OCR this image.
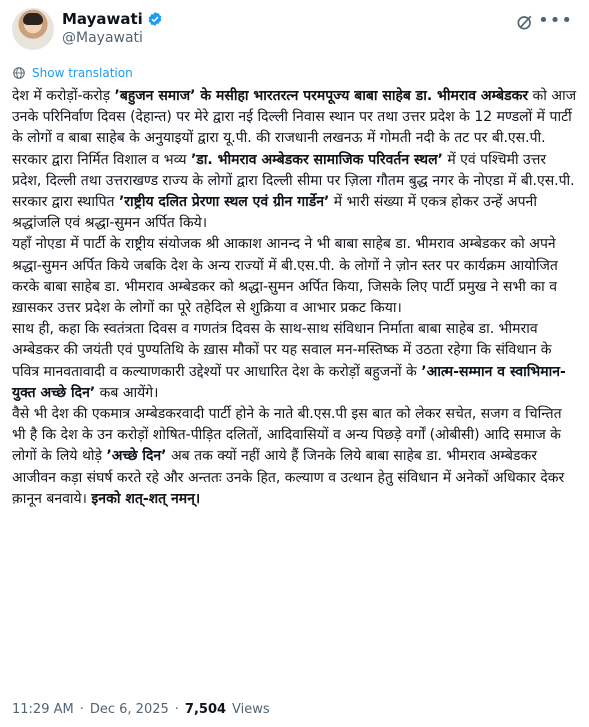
Mayawati
@Mayawati
•••
Show translation
देश में करोड़ों-करोड़ ’बहुजन समाज’ के मसीहा भारतरत्न परमपूज्य बाबा साहेब डा. भीमराव अम्बेडकर को आज उनके परिनिर्वाण दिवस (देहान्त) पर मेरे द्वारा नई दिल्ली निवास स्थान पर तथा उत्तर प्रदेश के 12 मण्डलों में पार्टी के लोगों व बाबा साहेब के अनुयाइयों द्वारा यू.पी. की राजधानी लखनऊ में गोमती नदी के तट पर बी.एस.पी. सरकार द्वारा निर्मित विशाल व भव्य ’डा. भीमराव अम्बेडकर सामाजिक परिवर्तन स्थल’ में एवं पश्चिमी उत्तर प्रदेश, दिल्ली तथा उत्तराखण्ड राज्य के लोगों द्वारा दिल्ली सीमा पर ज़िला गौतम बुद्ध नगर के नोएडा में बी.एस.पी. सरकार द्वारा स्थापित ’राष्ट्रीय दलित प्रेरणा स्थल एवं ग्रीन गार्डेन’ में भारी संख्या में एकत्र होकर उन्हें अपनी श्रद्धांजलि एवं श्रद्धा-सुमन अर्पित किये।
यहाँ नोएडा में पार्टी के राष्ट्रीय संयोजक श्री आकाश आनन्द ने भी बाबा साहेब डा. भीमराव अम्बेडकर को अपने श्रद्धा-सुमन अर्पित किये जबकि देश के अन्य राज्यों में बी.एस.पी. के लोगों ने ज़ोन स्तर पर कार्यक्रम आयोजित करके बाबा साहेब डा. भीमराव अम्बेडकर को श्रद्धा-सुमन अर्पित किया, जिसके लिए पार्टी प्रमुख ने सभी का व ख़ासकर उत्तर प्रदेश के लोगों का पूरे तहेदिल से शुक्रिया व आभार प्रकट किया।
साथ ही, कहा कि स्वतंत्रता दिवस व गणतंत्र दिवस के साथ-साथ संविधान निर्माता बाबा साहेब डा. भीमराव अम्बेडकर की जयंती एवं पुण्यतिथि के ख़ास मौकों पर यह सवाल मन-मस्तिष्क में उठता रहेगा कि संविधान के पवित्र मानवतावादी व कल्याणकारी उद्देश्यों पर आधारित देश के करोड़ों बहुजनों के ’आत्म-सम्मान व स्वाभिमान-युक्त अच्छे दिन’ कब आयेंगे।
वैसे भी देश की एकमात्र अम्बेडकरवादी पार्टी होने के नाते बी.एस.पी इस बात को लेकर सचेत, सजग व चिन्तित भी है कि देश के उन करोड़ों शोषित-पीड़ित दलितों, आदिवासियों व अन्य पिछड़े वर्गों (ओबीसी) आदि समाज के लोगों के लिये थोड़े ’अच्छे दिन’ अब तक क्यों नहीं आये हैं जिनके लिये बाबा साहेब डा. भीमराव अम्बेडकर आजीवन कड़ा संघर्ष करते रहे और अन्ततः उनके हित, कल्याण व उत्थान हेतु संविधान में अनेकों अधिकार देकर क़ानून बनवाये। इनको शत्-शत् नमन्।
11:29 AM · Dec 6, 2025 · 7,504 Views
